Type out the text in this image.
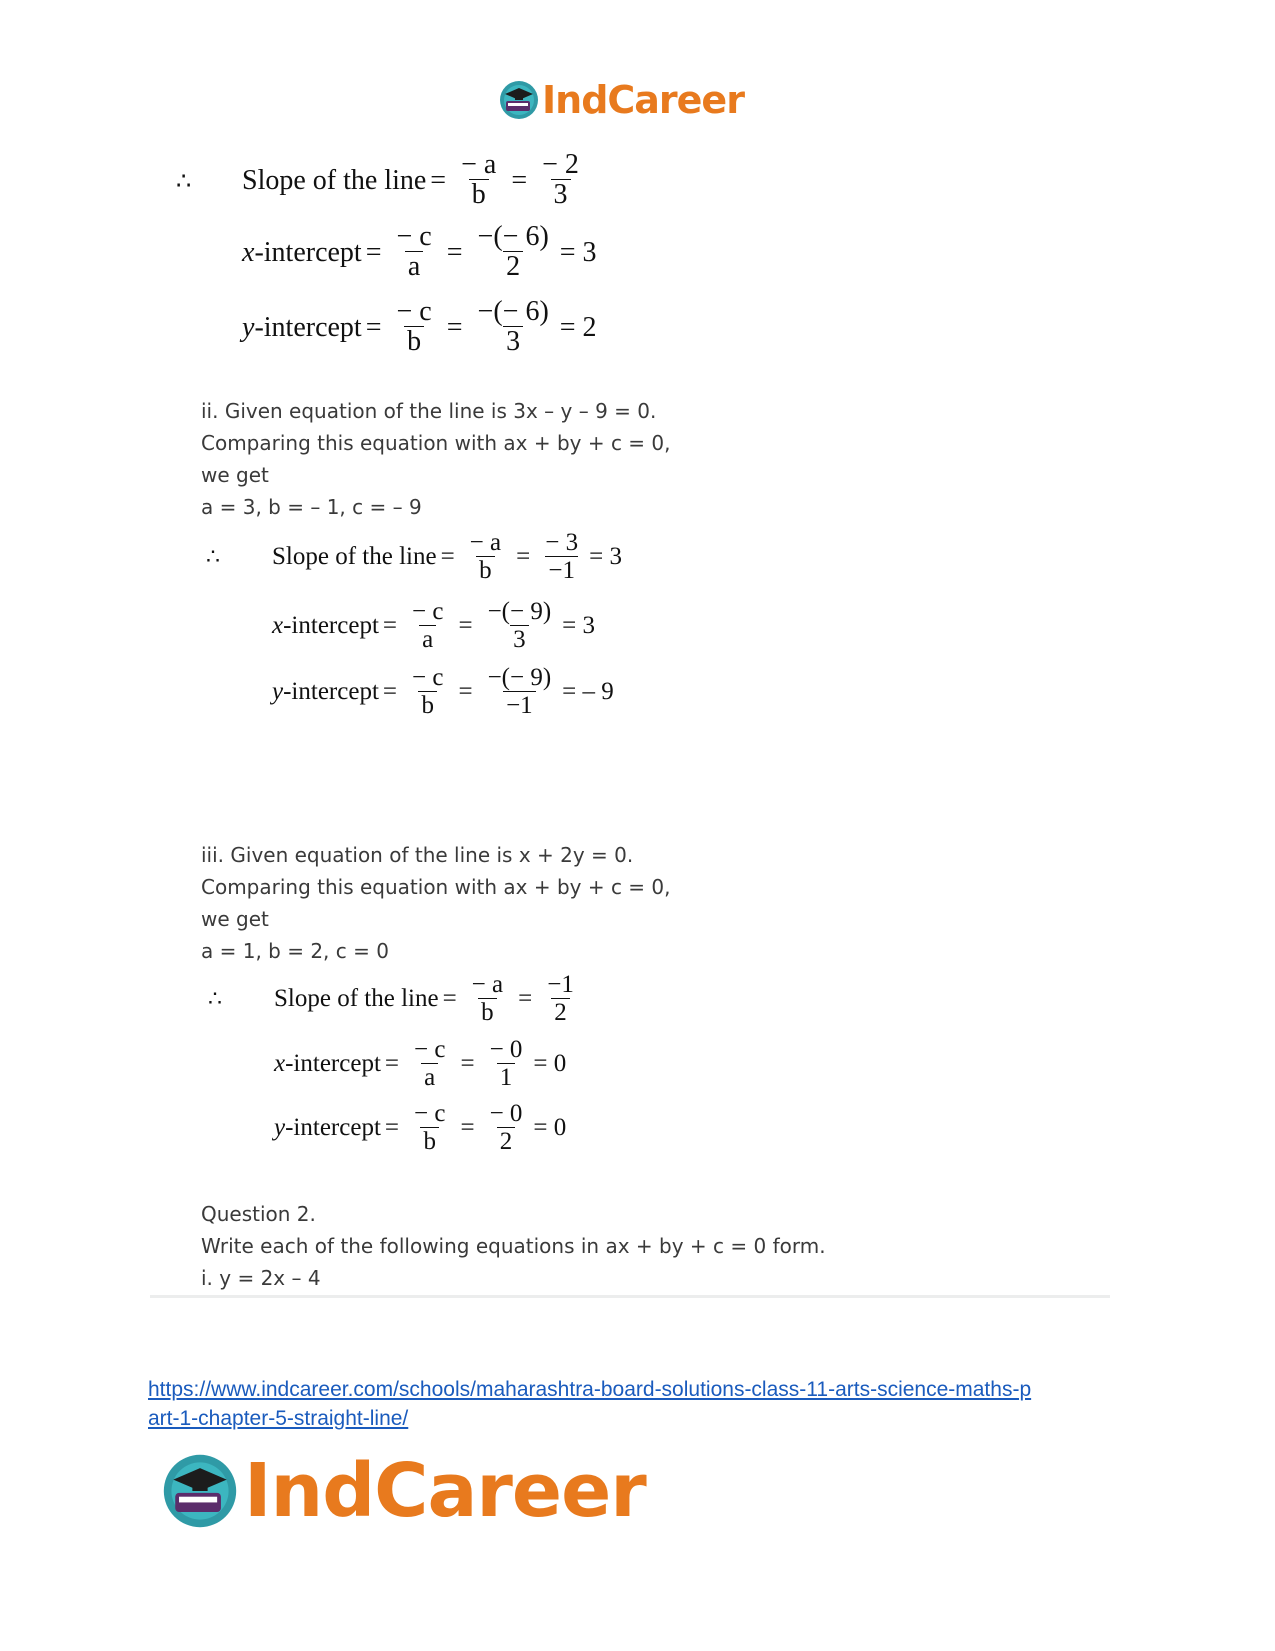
IndCareer
∴	Slope of the line = $\frac{- a}{b} = \frac{- 2}{3}$
x -intercept = $\frac{- c}{a} = \frac{-(- 6)}{2} = 3$
y -intercept = $\frac{- c}{b} = \frac{-(- 6)}{3} = 2$
ii. Given equation of the line is 3x – y – 9 = 0.
Comparing this equation with ax + by + c = 0,
we get
a = 3, b = – 1, c = – 9
∴	Slope of the line = $\frac{- a}{b} = \frac{- 3}{-1} = 3$
x -intercept = $\frac{- c}{a} = \frac{-(- 9)}{3} = 3$
y -intercept = $\frac{- c}{b} = \frac{-(- 9)}{-1}$ = – 9
iii. Given equation of the line is x + 2y = 0.
Comparing this equation with ax + by + c = 0,
we get
a = 1, b = 2, c = 0
∴	Slope of the line = $\frac{- a}{b} = \frac{-1}{2}$
x -intercept = $\frac{- c}{a} = \frac{- 0}{1} = 0$
y -intercept = $\frac{- c}{b} = \frac{- 0}{2} = 0$
Question 2.
Write each of the following equations in ax + by + c = 0 form.
i. y = 2x – 4
https://www.indcareer.com/schools/maharashtra-board-solutions-class-11-arts-science-maths-p
art-1-chapter-5-straight-line/
IndCareer
